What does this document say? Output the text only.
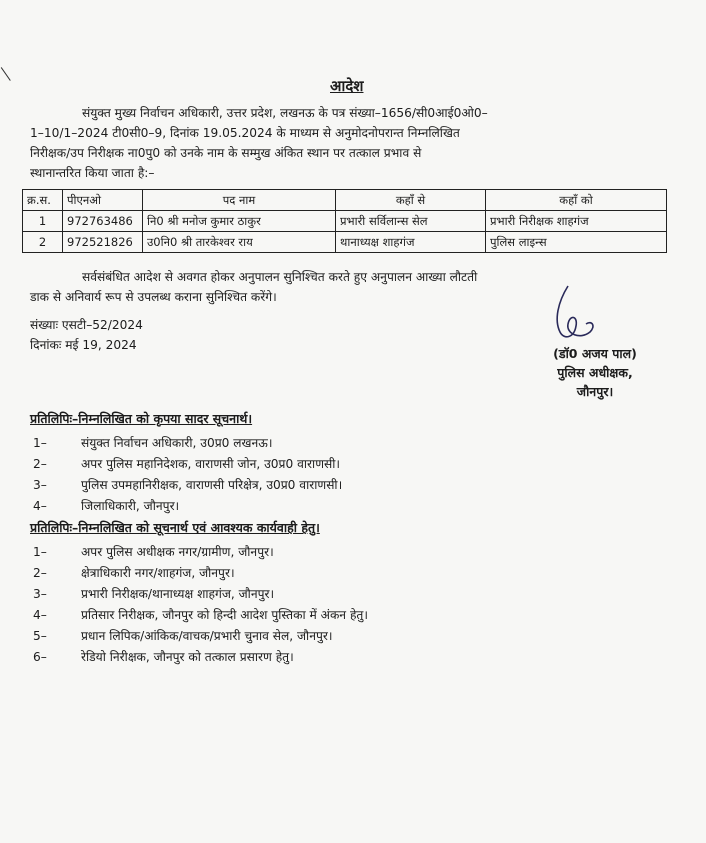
आदेश
संयुक्त मुख्य निर्वाचन अधिकारी, उत्तर प्रदेश, लखनऊ के पत्र संख्या–1656/सी0आई0ओ0–
1–10/1–2024 टी0सी0–9, दिनांक 19.05.2024 के माध्यम से अनुमोदनोपरान्त निम्नलिखित
निरीक्षक/उप निरीक्षक ना0पु0 को उनके नाम के सम्मुख अंकित स्थान पर तत्काल प्रभाव से
स्थानान्तरित किया जाता है:–
क्र.स.	पीएनओ	पद नाम	कहाँ से	कहाँ को
1	972763486	नि0 श्री मनोज कुमार ठाकुर	प्रभारी सर्विलान्स सेल	प्रभारी निरीक्षक शाहगंज
2	972521826	उ0नि0 श्री तारकेश्वर राय	थानाध्यक्ष शाहगंज	पुलिस लाइन्स
सर्वसंबंधित आदेश से अवगत होकर अनुपालन सुनिश्चित करते हुए अनुपालन आख्या लौटती
डाक से अनिवार्य रूप से उपलब्ध कराना सुनिश्चित करेंगे।
संख्याः एसटी–52/2024
दिनांकः मई 19, 2024
(डॉ0 अजय पाल)
पुलिस अधीक्षक,
जौनपुर।
प्रतिलिपिः–निम्नलिखित को कृपया सादर सूचनार्थ।
1–	संयुक्त निर्वाचन अधिकारी, उ0प्र0 लखनऊ।
2–	अपर पुलिस महानिदेशक, वाराणसी जोन, उ0प्र0 वाराणसी।
3–	पुलिस उपमहानिरीक्षक, वाराणसी परिक्षेत्र, उ0प्र0 वाराणसी।
4–	जिलाधिकारी, जौनपुर।
प्रतिलिपिः–निम्नलिखित को सूचनार्थ एवं आवश्यक कार्यवाही हेतु।
1–	अपर पुलिस अधीक्षक नगर/ग्रामीण, जौनपुर।
2–	क्षेत्राधिकारी नगर/शाहगंज, जौनपुर।
3–	प्रभारी निरीक्षक/थानाध्यक्ष शाहगंज, जौनपुर।
4–	प्रतिसार निरीक्षक, जौनपुर को हिन्दी आदेश पुस्तिका में अंकन हेतु।
5–	प्रधान लिपिक/आंकिक/वाचक/प्रभारी चुनाव सेल, जौनपुर।
6–	रेडियो निरीक्षक, जौनपुर को तत्काल प्रसारण हेतु।
